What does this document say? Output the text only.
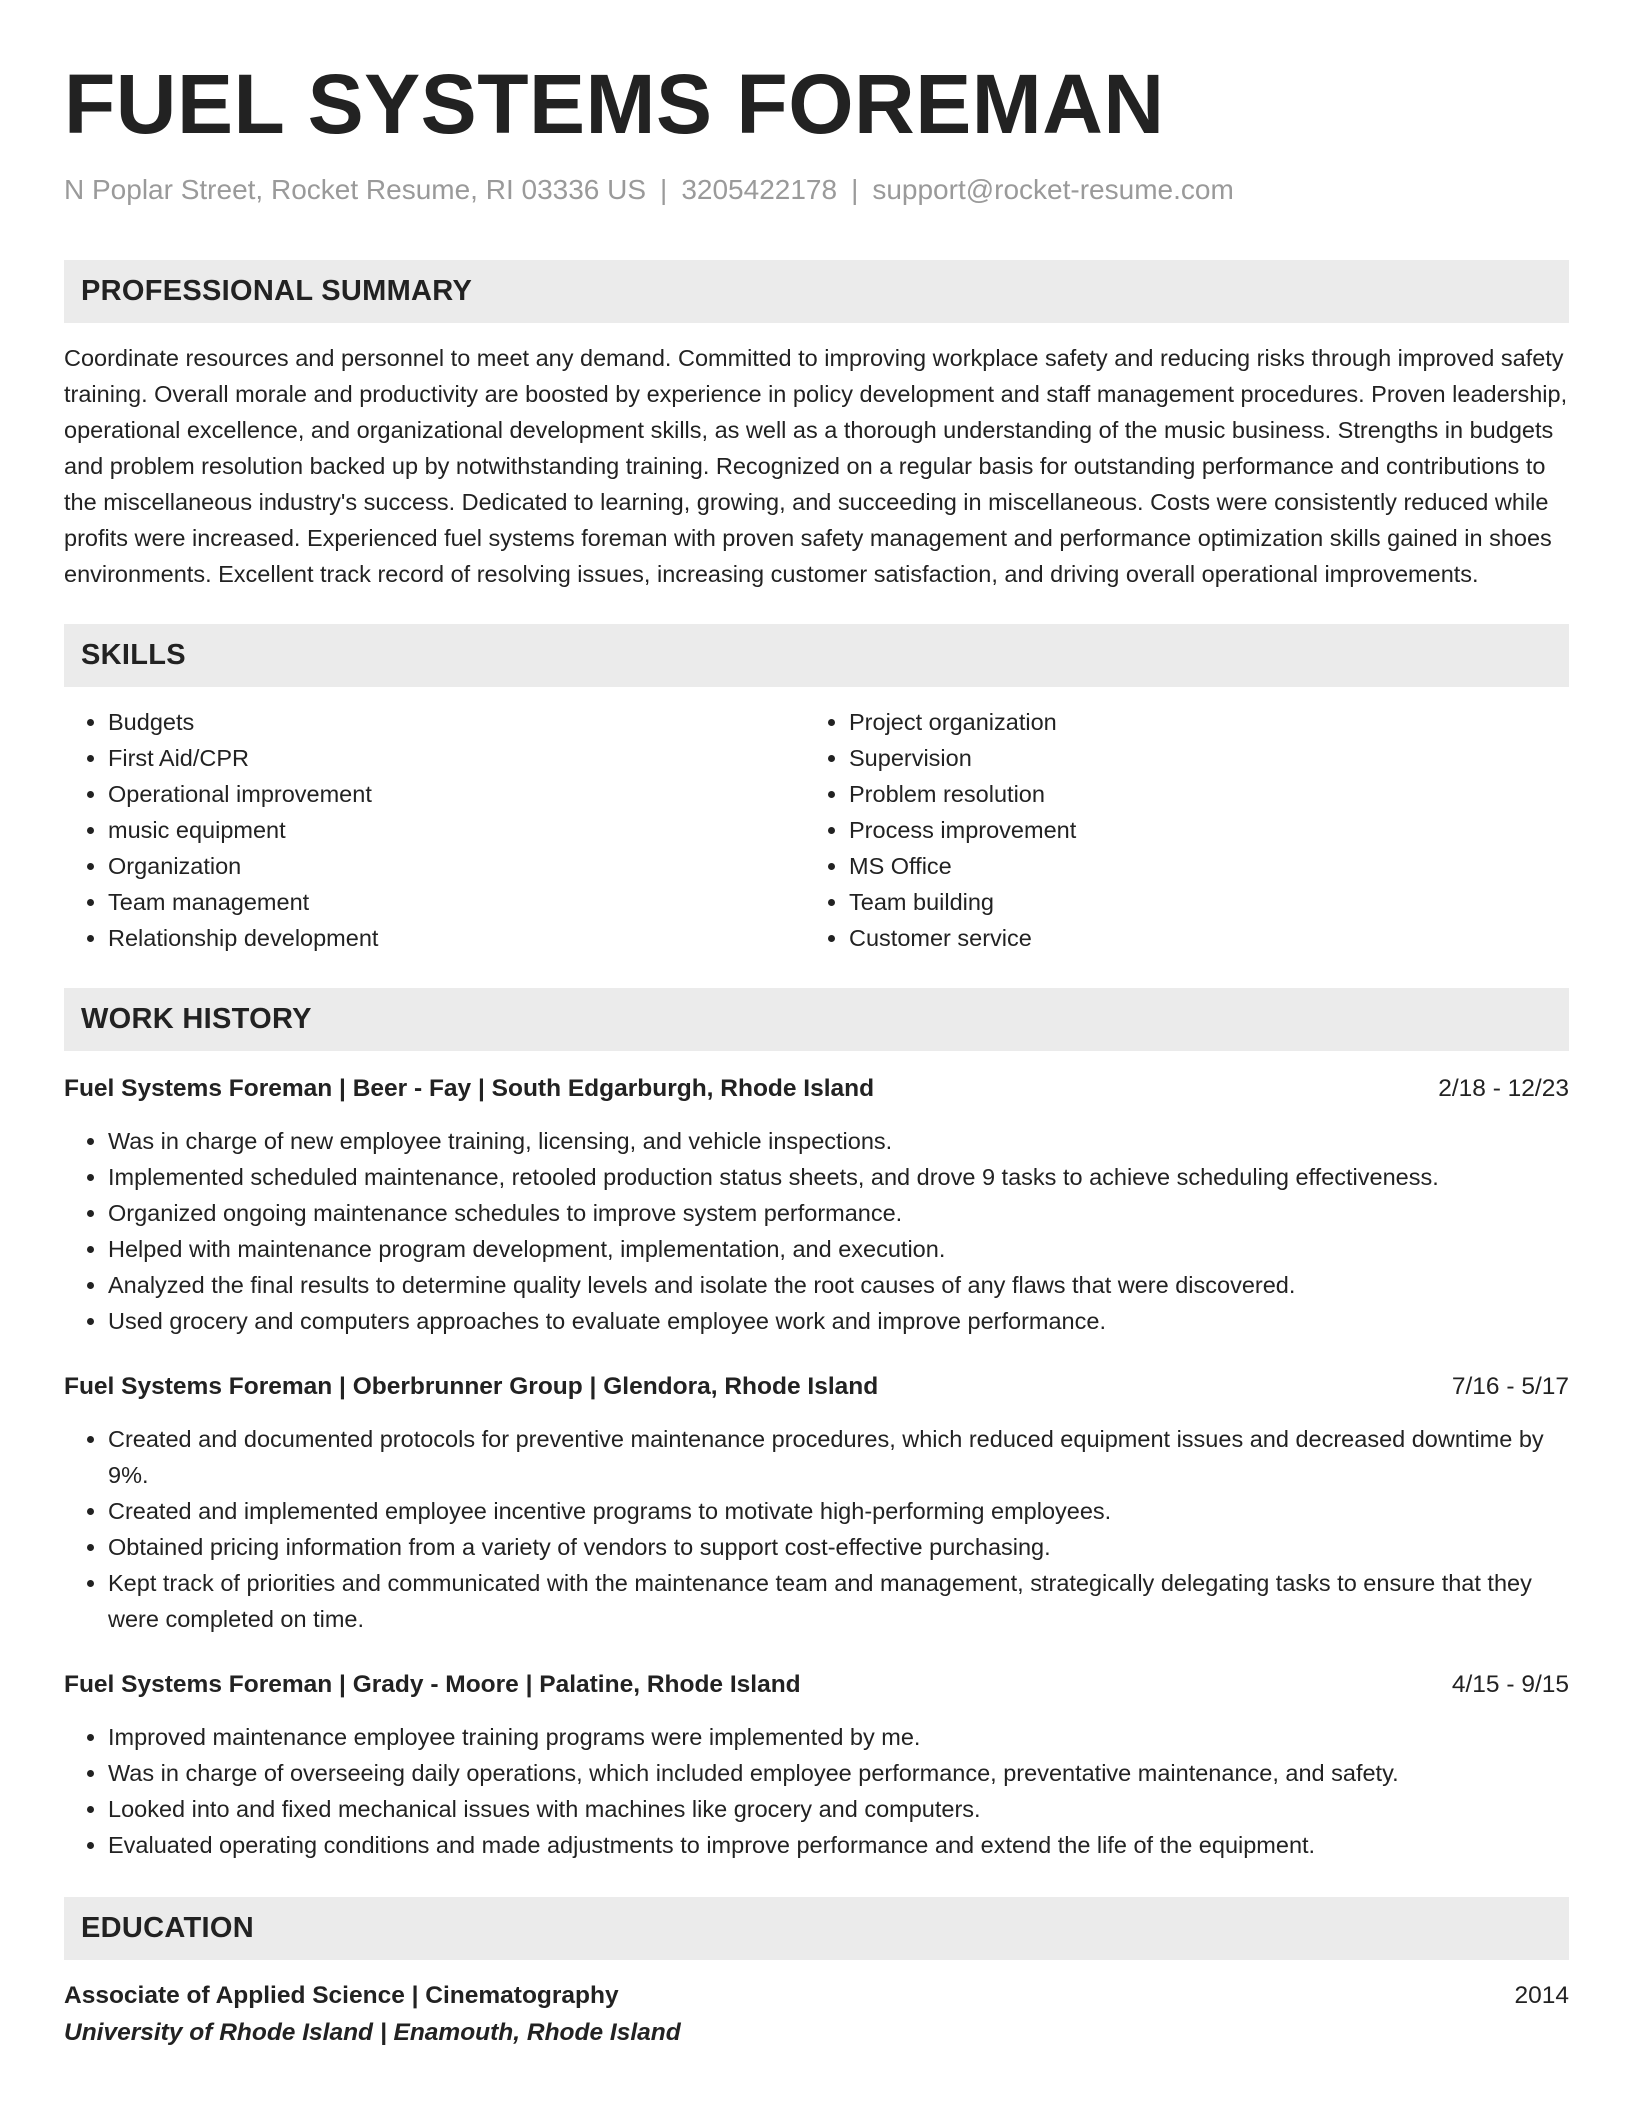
FUEL SYSTEMS FOREMAN
N Poplar Street, Rocket Resume, RI 03336 US | 3205422178 | support@rocket-resume.com
PROFESSIONAL SUMMARY
Coordinate resources and personnel to meet any demand. Committed to improving workplace safety and reducing risks through improved safety training. Overall morale and productivity are boosted by experience in policy development and staff management procedures. Proven leadership, operational excellence, and organizational development skills, as well as a thorough understanding of the music business. Strengths in budgets and problem resolution backed up by notwithstanding training. Recognized on a regular basis for outstanding performance and contributions to the miscellaneous industry's success. Dedicated to learning, growing, and succeeding in miscellaneous. Costs were consistently reduced while profits were increased. Experienced fuel systems foreman with proven safety management and performance optimization skills gained in shoes environments. Excellent track record of resolving issues, increasing customer satisfaction, and driving overall operational improvements.
SKILLS
• Budgets
• First Aid/CPR
• Operational improvement
• music equipment
• Organization
• Team management
• Relationship development
• Project organization
• Supervision
• Problem resolution
• Process improvement
• MS Office
• Team building
• Customer service
WORK HISTORY
Fuel Systems Foreman | Beer - Fay | South Edgarburgh, Rhode Island	2/18 - 12/23
• Was in charge of new employee training, licensing, and vehicle inspections.
• Implemented scheduled maintenance, retooled production status sheets, and drove 9 tasks to achieve scheduling effectiveness.
• Organized ongoing maintenance schedules to improve system performance.
• Helped with maintenance program development, implementation, and execution.
• Analyzed the final results to determine quality levels and isolate the root causes of any flaws that were discovered.
• Used grocery and computers approaches to evaluate employee work and improve performance.
Fuel Systems Foreman | Oberbrunner Group | Glendora, Rhode Island	7/16 - 5/17
• Created and documented protocols for preventive maintenance procedures, which reduced equipment issues and decreased downtime by 9%.
• Created and implemented employee incentive programs to motivate high-performing employees.
• Obtained pricing information from a variety of vendors to support cost-effective purchasing.
• Kept track of priorities and communicated with the maintenance team and management, strategically delegating tasks to ensure that they were completed on time.
Fuel Systems Foreman | Grady - Moore | Palatine, Rhode Island	4/15 - 9/15
• Improved maintenance employee training programs were implemented by me.
• Was in charge of overseeing daily operations, which included employee performance, preventative maintenance, and safety.
• Looked into and fixed mechanical issues with machines like grocery and computers.
• Evaluated operating conditions and made adjustments to improve performance and extend the life of the equipment.
EDUCATION
Associate of Applied Science | Cinematography	2014
University of Rhode Island | Enamouth, Rhode Island
